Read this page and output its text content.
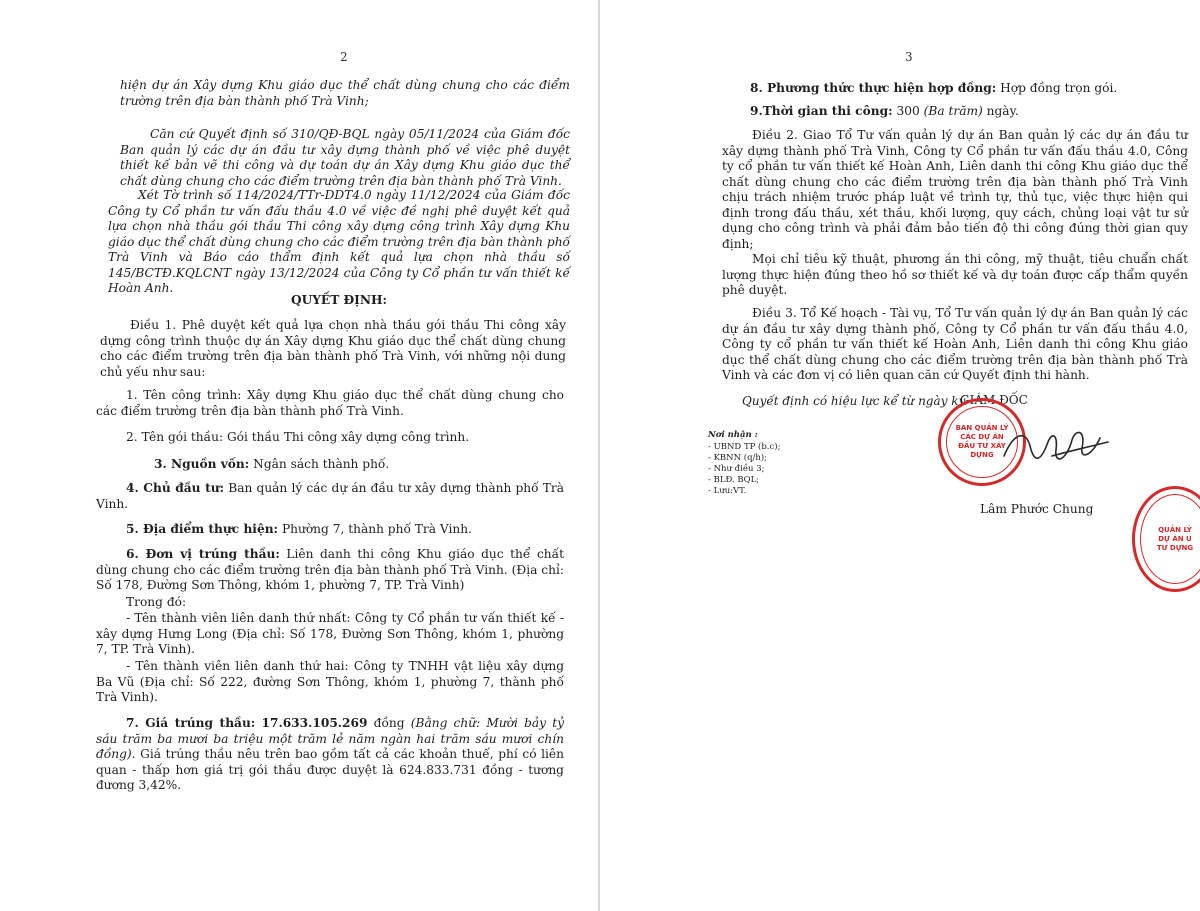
2

hiện dự án Xây dựng Khu giáo dục thể chất dùng chung cho các điểm trường trên địa bàn thành phố Trà Vinh;

Căn cứ Quyết định số 310/QĐ-BQL ngày 05/11/2024 của Giám đốc Ban quản lý các dự án đầu tư xây dựng thành phố về việc phê duyệt thiết kế bản vẽ thi công và dự toán dự án Xây dựng Khu giáo dục thể chất dùng chung cho các điểm trường trên địa bàn thành phố Trà Vinh.

Xét Tờ trình số 114/2024/TTr-DDT4.0 ngày 11/12/2024 của Giám đốc Công ty Cổ phần tư vấn đấu thầu 4.0 về việc đề nghị phê duyệt kết quả lựa chọn nhà thầu gói thầu Thi công xây dựng công trình Xây dựng Khu giáo dục thể chất dùng chung cho các điểm trường trên địa bàn thành phố Trà Vinh và Báo cáo thẩm định kết quả lựa chọn nhà thầu số 145/BCTĐ.KQLCNT ngày 13/12/2024 của Công ty Cổ phần tư vấn thiết kế Hoàn Anh.

QUYẾT ĐỊNH:

Điều 1. Phê duyệt kết quả lựa chọn nhà thầu gói thầu Thi công xây dựng công trình thuộc dự án Xây dựng Khu giáo dục thể chất dùng chung cho các điểm trường trên địa bàn thành phố Trà Vinh, với những nội dung chủ yếu như sau:

1. Tên công trình: Xây dựng Khu giáo dục thể chất dùng chung cho các điểm trường trên địa bàn thành phố Trà Vinh.

2. Tên gói thầu: Gói thầu Thi công xây dựng công trình.

3. Nguồn vốn: Ngân sách thành phố.

4. Chủ đầu tư: Ban quản lý các dự án đầu tư xây dựng thành phố Trà Vinh.

5. Địa điểm thực hiện: Phường 7, thành phố Trà Vinh.

6. Đơn vị trúng thầu: Liên danh thi công Khu giáo dục thể chất dùng chung cho các điểm trường trên địa bàn thành phố Trà Vinh. (Địa chỉ: Số 178, Đường Sơn Thông, khóm 1, phường 7, TP. Trà Vinh)

Trong đó:

- Tên thành viên liên danh thứ nhất: Công ty Cổ phần tư vấn thiết kế - xây dựng Hưng Long (Địa chỉ: Số 178, Đường Sơn Thông, khóm 1, phường 7, TP. Trà Vinh).

- Tên thành viên liên danh thứ hai: Công ty TNHH vật liệu xây dựng Ba Vũ (Địa chỉ: Số 222, đường Sơn Thông, khóm 1, phường 7, thành phố Trà Vinh).

7. Giá trúng thầu: 17.633.105.269 đồng (Bằng chữ: Mười bảy tỷ sáu trăm ba mươi ba triệu một trăm lẻ năm ngàn hai trăm sáu mươi chín đồng). Giá trúng thầu nêu trên bao gồm tất cả các khoản thuế, phí có liên quan - thấp hơn giá trị gói thầu được duyệt là 624.833.731 đồng - tương đương 3,42%.

3

8. Phương thức thực hiện hợp đồng: Hợp đồng trọn gói.

9.Thời gian thi công: 300 (Ba trăm) ngày.

Điều 2. Giao Tổ Tư vấn quản lý dự án Ban quản lý các dự án đầu tư xây dựng thành phố Trà Vinh, Công ty Cổ phần tư vấn đấu thầu 4.0, Công ty cổ phần tư vấn thiết kế Hoàn Anh, Liên danh thi công Khu giáo dục thể chất dùng chung cho các điểm trường trên địa bàn thành phố Trà Vinh chịu trách nhiệm trước pháp luật về trình tự, thủ tục, việc thực hiện qui định trong đấu thầu, xét thầu, khối lượng, quy cách, chủng loại vật tư sử dụng cho công trình và phải đảm bảo tiến độ thi công đúng thời gian quy định;

Mọi chỉ tiêu kỹ thuật, phương án thi công, mỹ thuật, tiêu chuẩn chất lượng thực hiện đúng theo hồ sơ thiết kế và dự toán được cấp thẩm quyền phê duyệt.

Điều 3. Tổ Kế hoạch - Tài vụ, Tổ Tư vấn quản lý dự án Ban quản lý các dự án đầu tư xây dựng thành phố, Công ty Cổ phần tư vấn đấu thầu 4.0, Công ty cổ phần tư vấn thiết kế Hoàn Anh, Liên danh thi công Khu giáo dục thể chất dùng chung cho các điểm trường trên địa bàn thành phố Trà Vinh và các đơn vị có liên quan căn cứ Quyết định thi hành.

Quyết định có hiệu lực kể từ ngày ký.

GIÁM ĐỐC
Nơi nhận :
- UBND TP (b.c);
- KBNN (q/h);
- Như điều 3;
- BLĐ. BQL;
- Lưu:VT.
BAN QUẢN LÝ CÁC DỰ ÁN ĐẦU TƯ XÂY DỰNG
Lâm Phước Chung
QUẢN LÝ DỰ ÁN U TƯ DỰNG
